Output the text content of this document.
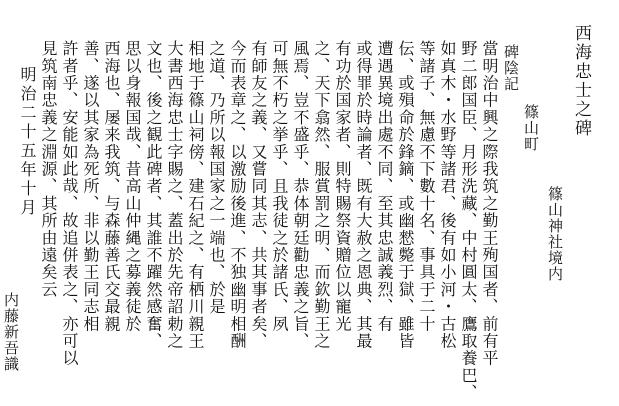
西海忠士之碑
篠山神社境内
篠山町
碑陰記
當明治中興之際我筑之勤王殉国者、前有平
野二郎国臣、月形洗藏、中村圓太、鷹取養巴、
如真木・水野等諸君、後有如小河・古松
等諸子、無慮不下數十名、事具于二十
伝、或殞命於鋒鏑、或幽憖斃于獄、雖皆
遭遇異境出處不同、至其忠誠義烈、有
或得罪於時論者、既有大赦之恩典、其最
有功於国家者、則特賜祭資贈位以寵光
之、天下翕然、服賞罰之明、而欽勤王之
風焉、豈不盛乎、恭体朝廷勸忠義之旨、
可無不朽之挙乎、且我徒之於諸氏、夙
有師友之義、又嘗同其志、共其事者矣、
今而表章之、以激励後進、不独幽明相酬
之道、乃所以報国家之一端也、於是
相地于篠山祠傍、建石紀之、有栖川親王
大書西海忠士字賜之、蓋出於先帝詔勅之
文也、後之観此碑者、其誰不躍然感奮、
思以身報国哉、昔高山仲縄之募義徒於
西海也、屡来我筑、与森藤善氏交最親
善、遂以其家為死所、非以勤王同志相
許者乎、安能如此哉、故追併表之、亦可以
見筑南忠義之淵源、其所由遠矣云
明治二十五年十月
内藤新吾識
